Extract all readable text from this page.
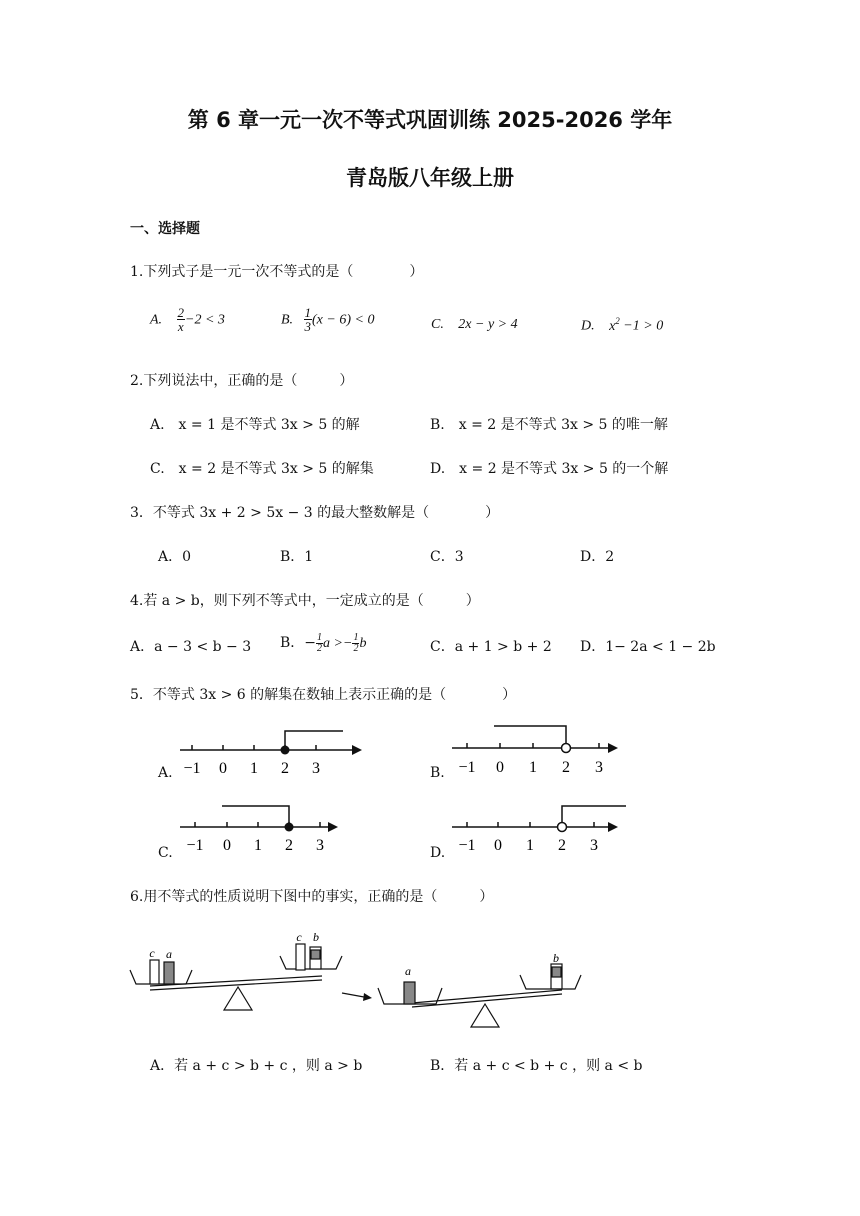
第 6 章一元一次不等式巩固训练 2025-2026 学年
青岛版八年级上册
一、选择题
1.下列式子是一元一次不等式的是（　　　　）
A. $\frac{2}{x} -2 < 3$	B. $\frac{1}{3} (x - 6) < 0$	C. 2x − y > 4	D. $x^2 -1 > 0$
2.下列说法中，正确的是（　　　）
A.　x = 1 是不等式 3x > 5 的解	B.　x = 2 是不等式 3x > 5 的唯一解
C.　x = 2 是不等式 3x > 5 的解集	D.　x = 2 是不等式 3x > 5 的一个解
3．不等式 3x + 2 > 5x − 3 的最大整数解是（　　　　）
A．0	B．1	C．3	D．2
4.若 a > b，则下列不等式中，一定成立的是（　　　）
A．a − 3 < b − 3 B．− $\frac{1}{2}$ $a >- \frac{1}{2}$ b	C．a + 1 > b + 2 D．1− 2a < 1 − 2b
5．不等式 3x > 6 的解集在数轴上表示正确的是（　　　　）
−1 0 1 2 3	−1 0 1 2 3
−1 0 1 2 3	−1 0 1 2 3
c a
c b
a
b
A.	B.
C.	D.
6.用不等式的性质说明下图中的事实，正确的是（　　　）
A．若 a + c > b + c ，则 a > b	B．若 a + c < b + c ，则 a < b
